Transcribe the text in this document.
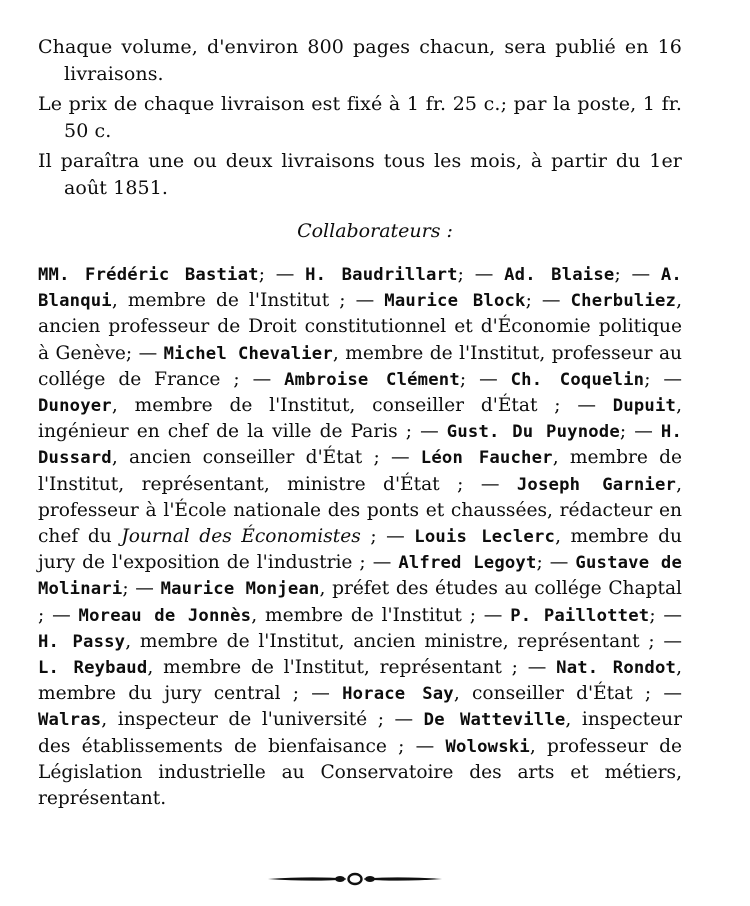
Chaque volume, d'environ 800 pages chacun, sera publié en 16 livraisons.

Le prix de chaque livraison est fixé à 1 fr. 25 c.; par la poste, 1 fr. 50 c.

Il paraîtra une ou deux livraisons tous les mois, à partir du 1er août 1851.

Collaborateurs :
MM. Frédéric Bastiat; — H. Baudrillart; — Ad. Blaise; — A. Blanqui, membre de l'Institut ; — Maurice Block; — Cherbuliez, ancien professeur de Droit constitutionnel et d'Économie politique à Genève; — Michel Chevalier, membre de l'Institut, professeur au collége de France ; — Ambroise Clément; — Ch. Coquelin; — Dunoyer, membre de l'Institut, conseiller d'État ; — Dupuit, ingénieur en chef de la ville de Paris ; — Gust. Du Puynode; — H. Dussard, ancien conseiller d'État ; — Léon Faucher, membre de l'Institut, représentant, ministre d'État ; — Joseph Garnier, professeur à l'École nationale des ponts et chaussées, rédacteur en chef du Journal des Économistes ; — Louis Leclerc, membre du jury de l'exposition de l'industrie ; — Alfred Legoyt; — Gustave de Molinari; — Maurice Monjean, préfet des études au collége Chaptal ; — Moreau de Jonnès, membre de l'Institut ; — P. Paillottet; — H. Passy, membre de l'Institut, ancien ministre, représentant ; — L. Reybaud, membre de l'Institut, représentant ; — Nat. Rondot, membre du jury central ; — Horace Say, conseiller d'État ; — Walras, inspecteur de l'université ; — De Watteville, inspecteur des établissements de bienfaisance ; — Wolowski, professeur de Législation industrielle au Conservatoire des arts et métiers, représentant.
